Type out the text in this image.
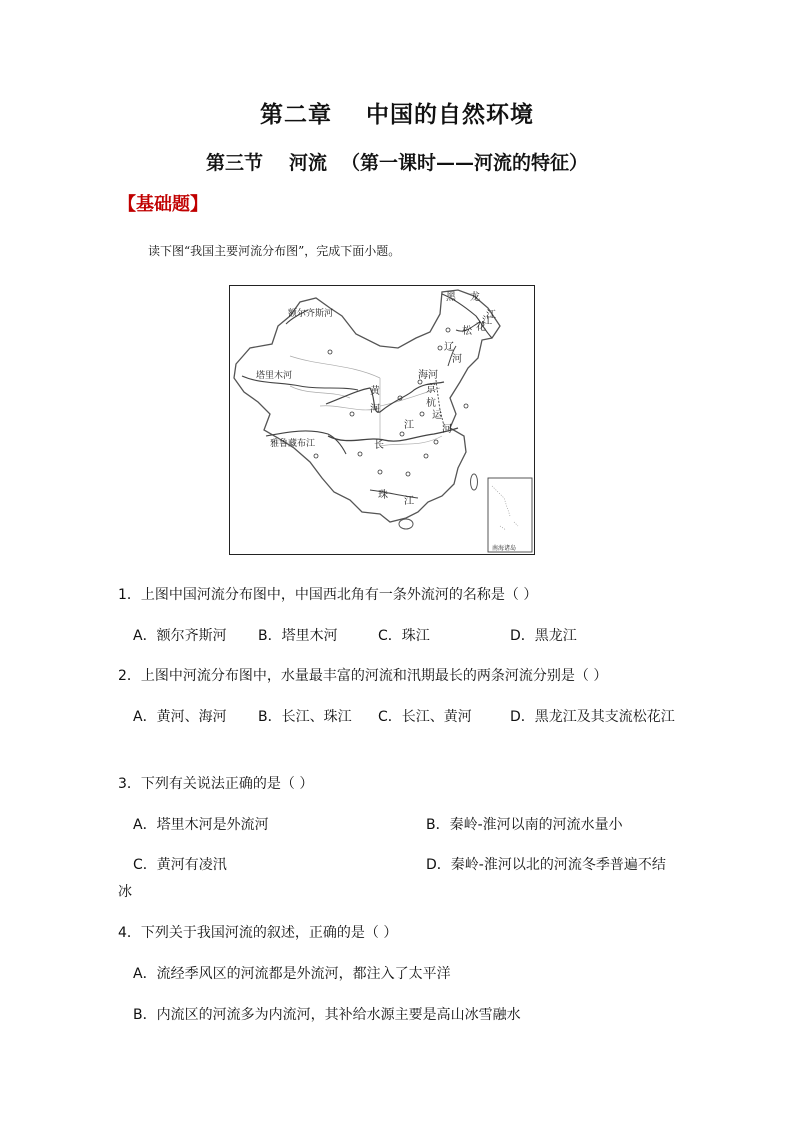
第二章 中国的自然环境
第三节 河流 （第一课时——河流的特征）
【基础题】
读下图“我国主要河流分布图”，完成下面小题。
额尔齐斯河
塔里木河
雅鲁藏布江
黑 龙
江
松 花
江
辽
河
海河
黄
河
京
杭
运
河
江
长
珠
江
南海诸岛
1．上图中国河流分布图中，中国西北角有一条外流河的名称是（ ）
A．额尔齐斯河 B．塔里木河	C．珠江	D．黑龙江
2．上图中河流分布图中，水量最丰富的河流和汛期最长的两条河流分别是（ ）
A．黄河、海河 B．长江、珠江 C．长江、黄河	D．黑龙江及其支流松花江
3．下列有关说法正确的是（ ）
A．塔里木河是外流河	B．秦岭-淮河以南的河流水量小
C．黄河有凌汛	D．秦岭-淮河以北的河流冬季普遍不结
冰
4．下列关于我国河流的叙述，正确的是（ ）
A．流经季风区的河流都是外流河，都注入了太平洋
B．内流区的河流多为内流河，其补给水源主要是高山冰雪融水
